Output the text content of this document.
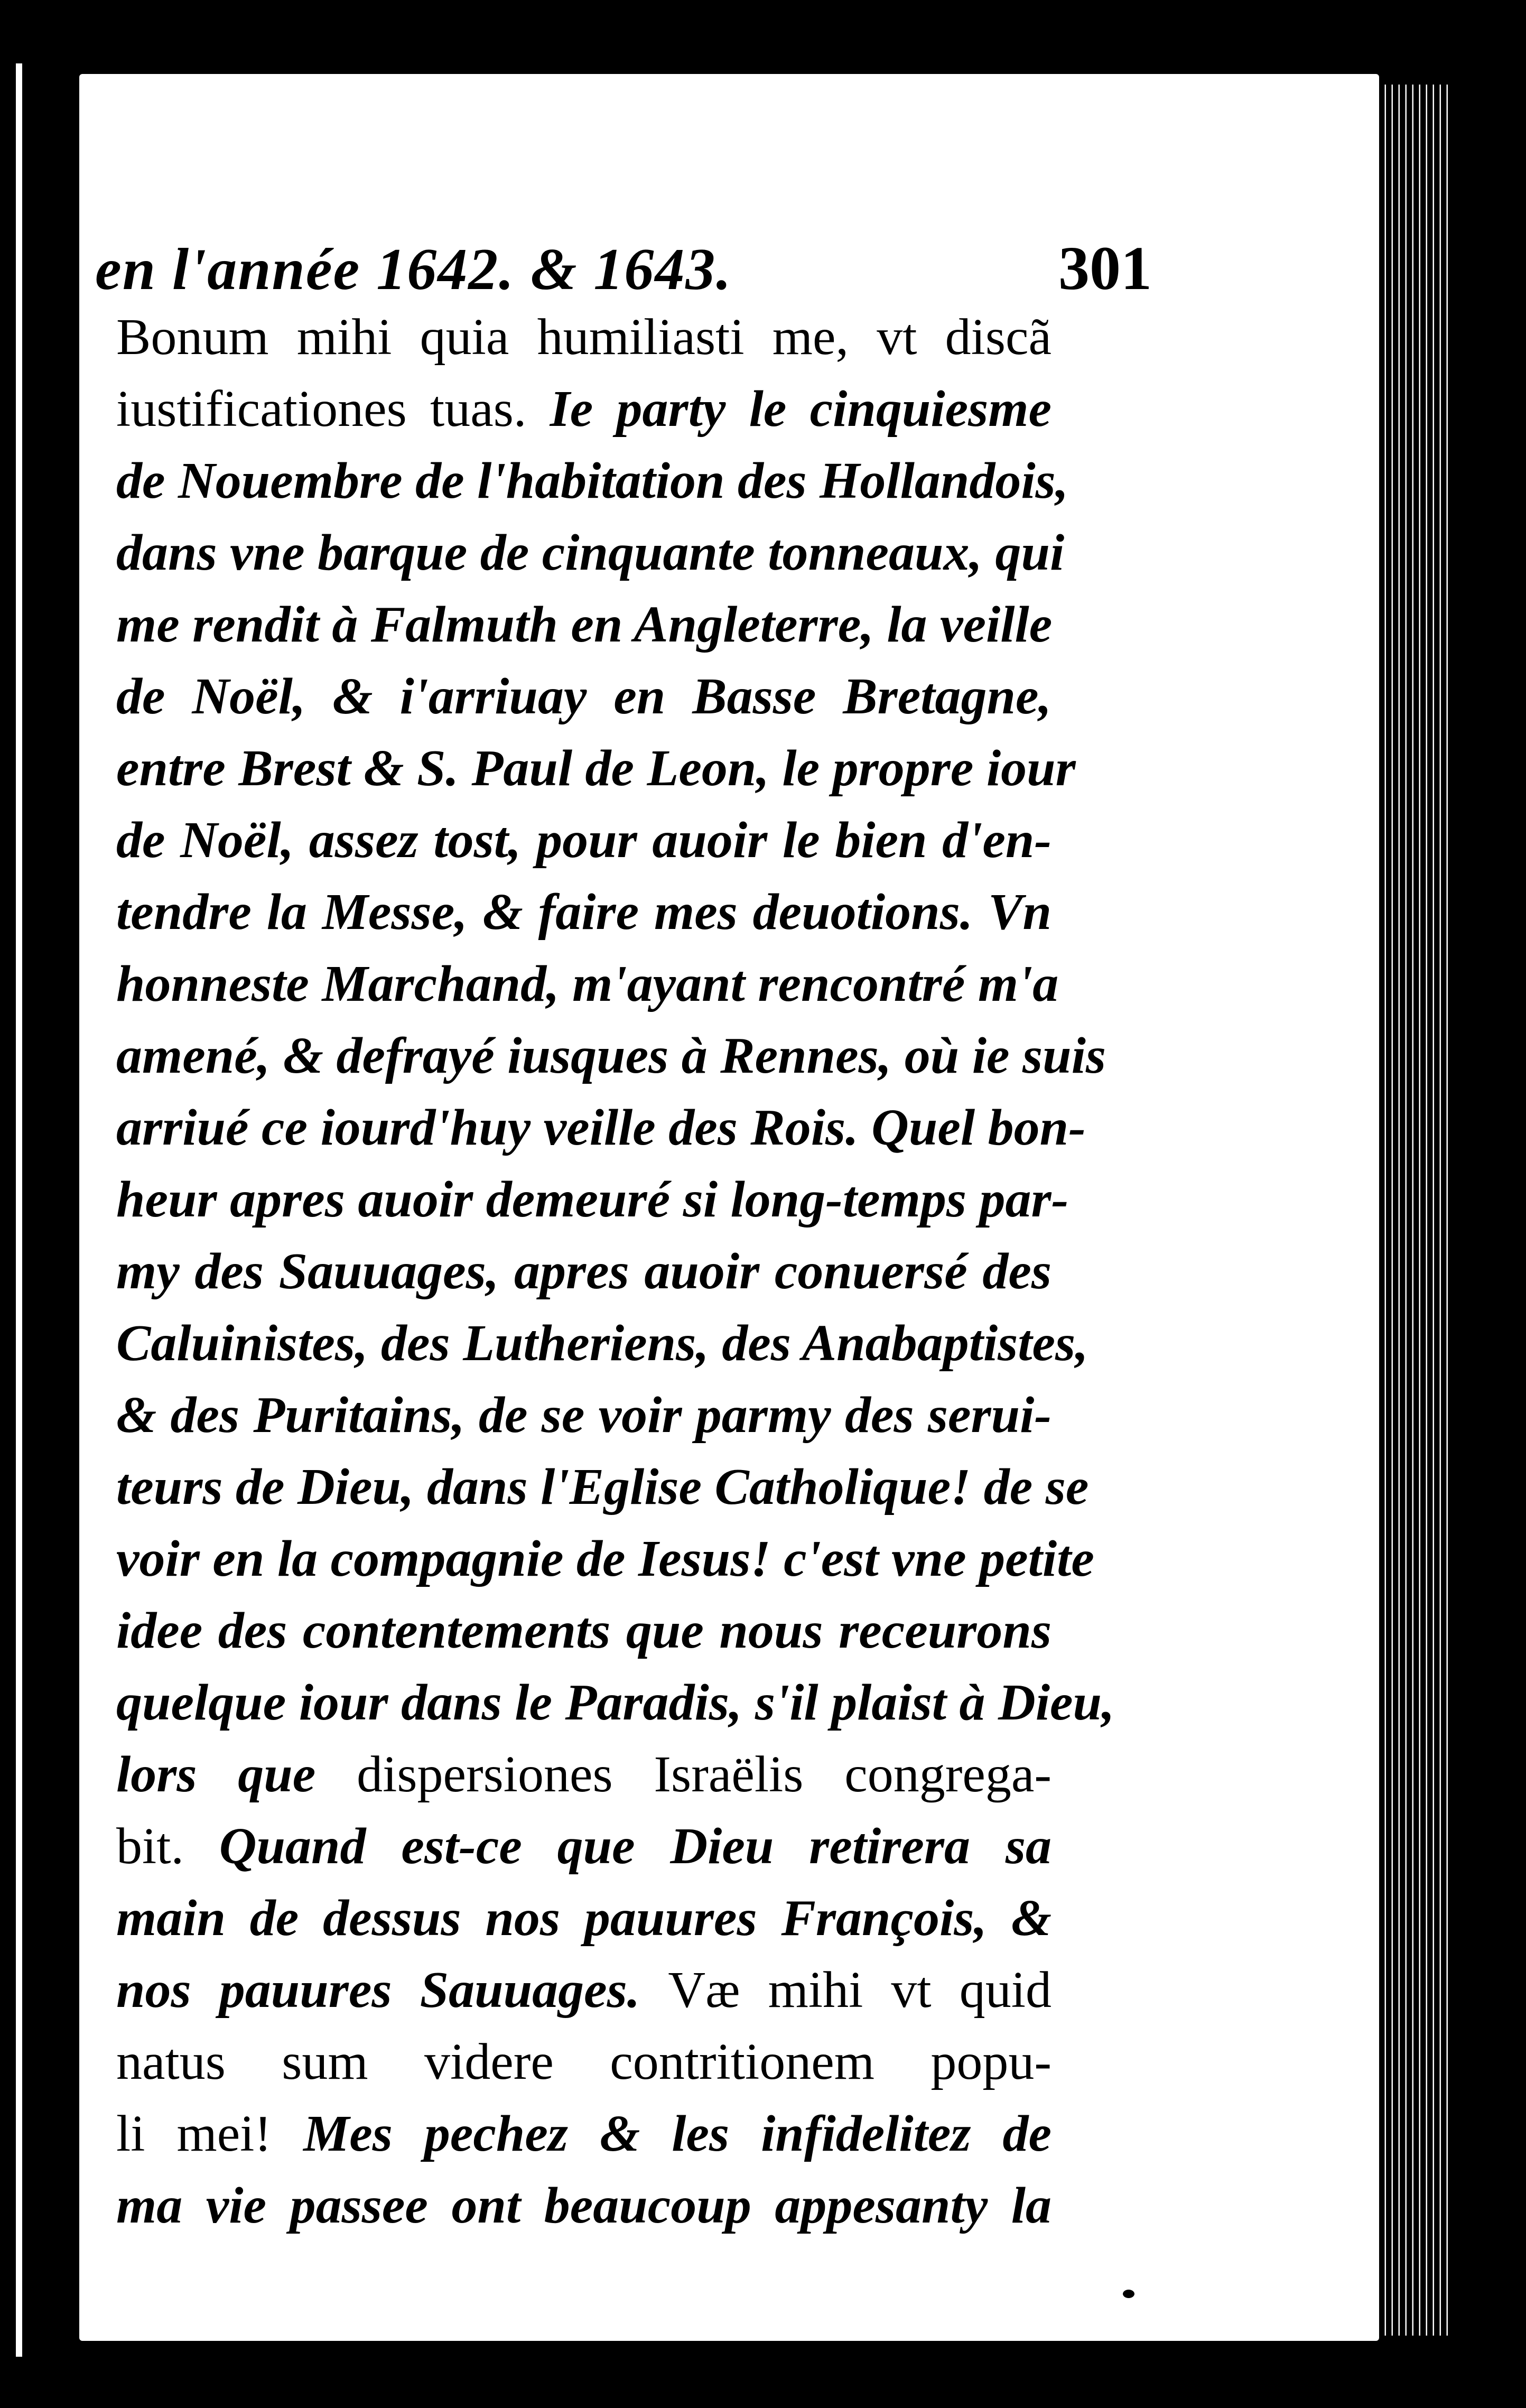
en l'année 1642. & 1643.	301
Bonum mihi quia humiliasti me, vt discã
iustificationes tuas. Ie party le cinquiesme
de Nouembre de l'habitation des Hollandois,
dans vne barque de cinquante tonneaux, qui
me rendit à Falmuth en Angleterre, la veille
de Noël, & i'arriuay en Basse Bretagne,
entre Brest & S. Paul de Leon, le propre iour
de Noël, assez tost, pour auoir le bien d'en-
tendre la Messe, & faire mes deuotions. Vn
honneste Marchand, m'ayant rencontré m'a
amené, & defrayé iusques à Rennes, où ie suis
arriué ce iourd'huy veille des Rois. Quel bon-
heur apres auoir demeuré si long-temps par-
my des Sauuages, apres auoir conuersé des
Caluinistes, des Lutheriens, des Anabaptistes,
& des Puritains, de se voir parmy des serui-
teurs de Dieu, dans l'Eglise Catholique! de se
voir en la compagnie de Iesus! c'est vne petite
idee des contentements que nous receurons
quelque iour dans le Paradis, s'il plaist à Dieu,
lors que dispersiones Israëlis congrega-
bit. Quand est-ce que Dieu retirera sa
main de dessus nos pauures François, &
nos pauures Sauuages. Væ mihi vt quid
natus sum videre contritionem popu-
li mei! Mes pechez & les infidelitez de
ma vie passee ont beaucoup appesanty la
